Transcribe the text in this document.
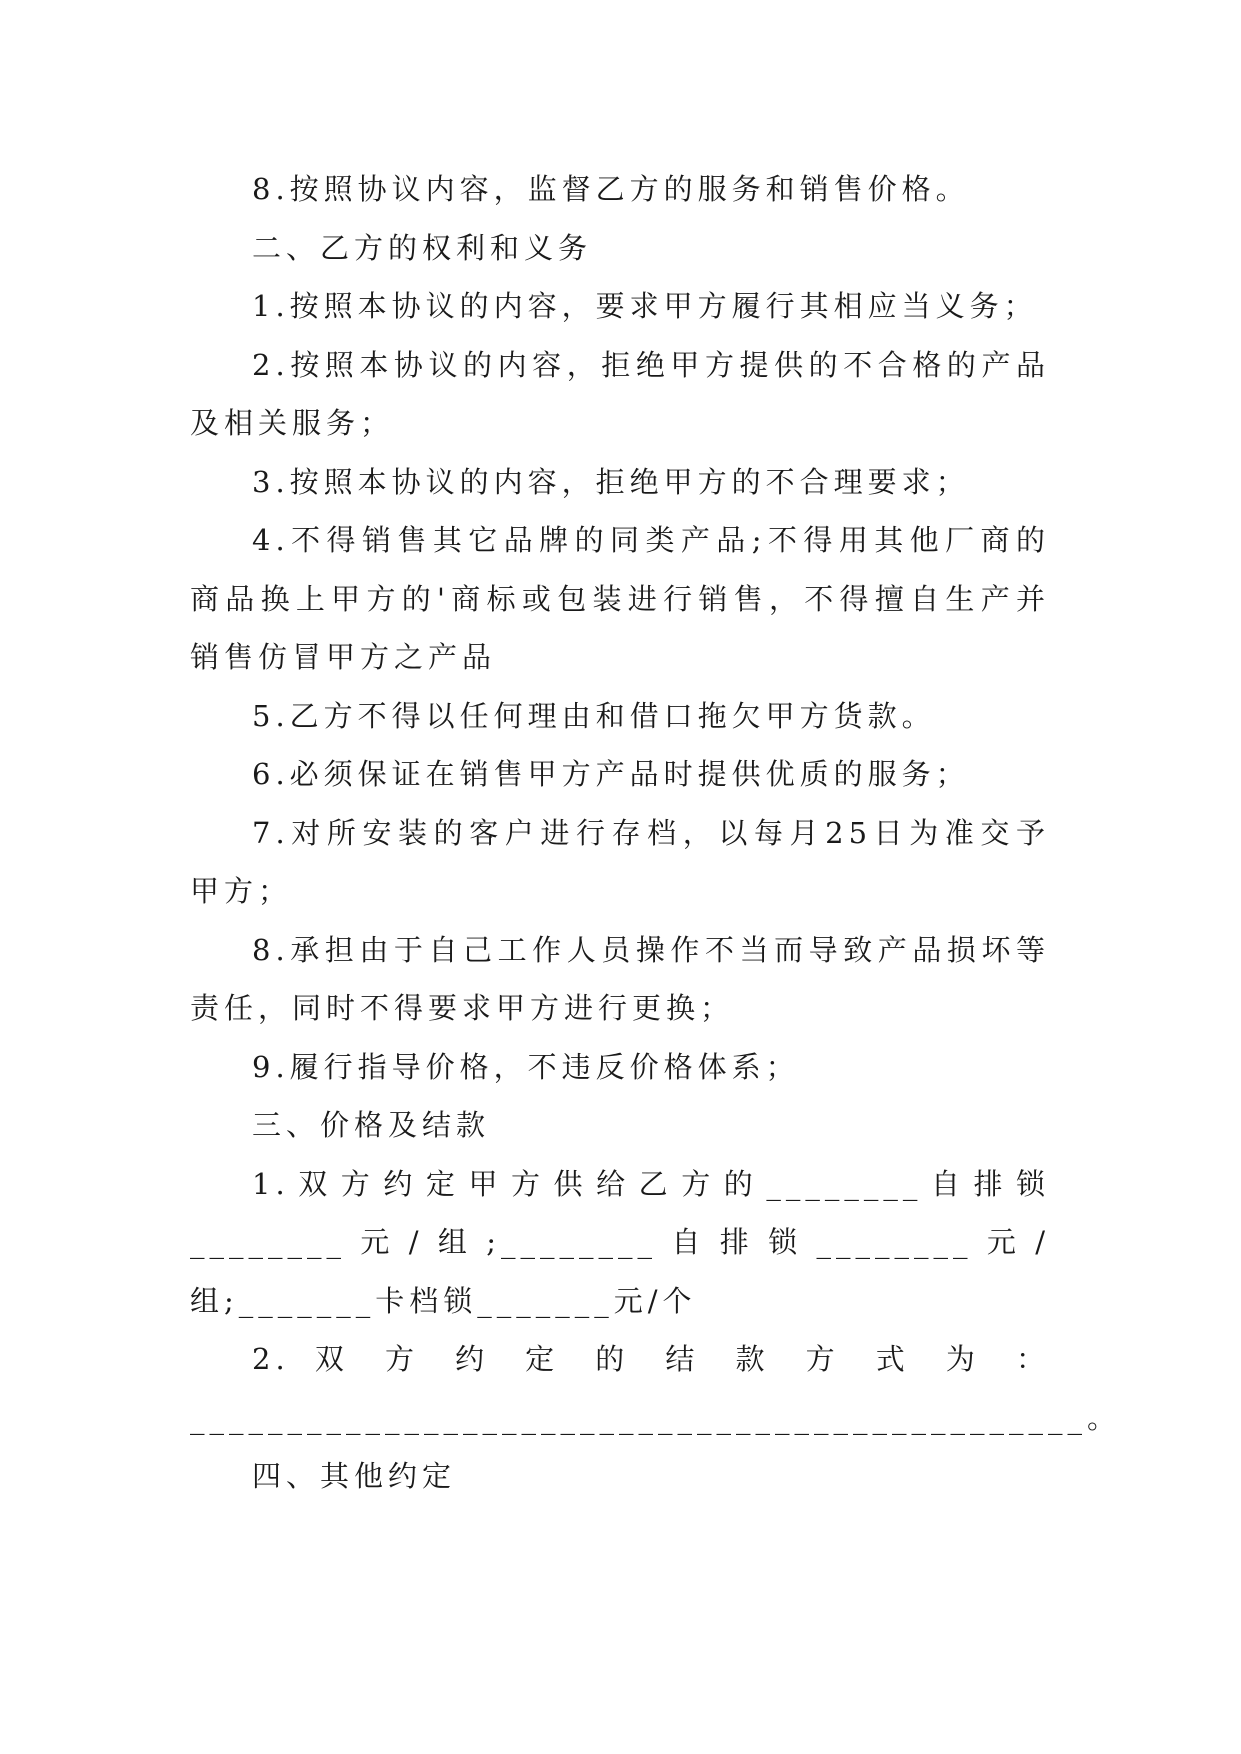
8.按照协议内容，监督乙方的服务和销售价格。

二、乙方的权利和义务

1.按照本协议的内容，要求甲方履行其相应当义务；

2.按照本协议的内容，拒绝甲方提供的不合格的产品及相关服务；

3.按照本协议的内容，拒绝甲方的不合理要求；

4.不得销售其它品牌的同类产品;不得用其他厂商的商品换上甲方的'商标或包装进行销售，不得擅自生产并销售仿冒甲方之产品

5.乙方不得以任何理由和借口拖欠甲方货款。

6.必须保证在销售甲方产品时提供优质的服务；

7.对所安装的客户进行存档，以每月25日为准交予甲方；

8.承担由于自己工作人员操作不当而导致产品损坏等责任，同时不得要求甲方进行更换；

9.履行指导价格，不违反价格体系；

三、价格及结款

1.双方约定甲方供给乙方的________自排锁________元/组;________自排锁________元/组;_______卡档锁_______元/个

2. 双 方 约 定 的 结 款 方 式 为 ：

______________________________________________。

四、其他约定
